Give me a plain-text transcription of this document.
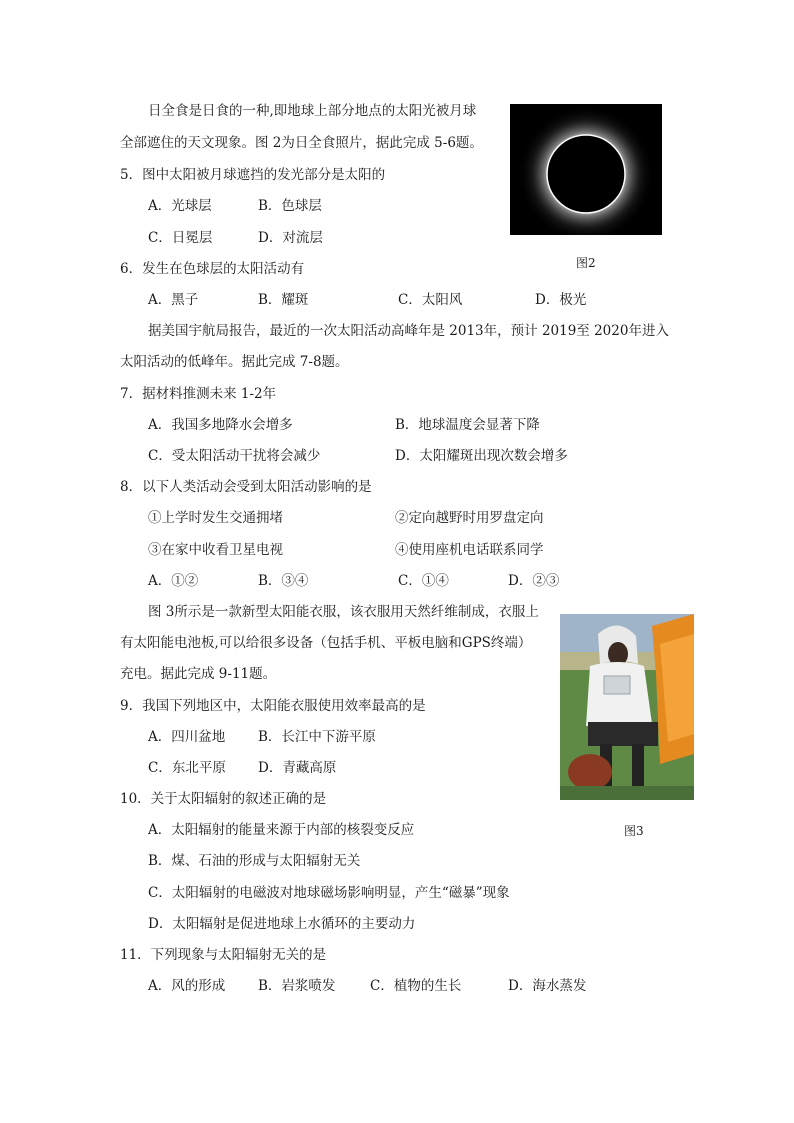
日全食是日食的一种,即地球上部分地点的太阳光被月球
全部遮住的天文现象。图 2为日全食照片，据此完成 5-6题。
5．图中太阳被月球遮挡的发光部分是太阳的
A．光球层	B．色球层
C．日冕层	D．对流层
图2
6．发生在色球层的太阳活动有
A．黑子	B．耀斑	C．太阳风	D．极光
据美国宇航局报告，最近的一次太阳活动高峰年是 2013年，预计 2019至 2020年进入
太阳活动的低峰年。据此完成 7-8题。
7．据材料推测未来 1-2年
A．我国多地降水会增多	B．地球温度会显著下降
C．受太阳活动干扰将会减少	D．太阳耀斑出现次数会增多
8．以下人类活动会受到太阳活动影响的是
①上学时发生交通拥堵	②定向越野时用罗盘定向
③在家中收看卫星电视	④使用座机电话联系同学
A．①②	B．③④	C．①④	D．②③
图 3所示是一款新型太阳能衣服，该衣服用天然纤维制成，衣服上
有太阳能电池板,可以给很多设备（包括手机、平板电脑和GPS终端）
充电。据此完成 9-11题。
9．我国下列地区中，太阳能衣服使用效率最高的是
A．四川盆地 B．长江中下游平原
C．东北平原 D．青藏高原
10．关于太阳辐射的叙述正确的是
A．太阳辐射的能量来源于内部的核裂变反应	图3
B．煤、石油的形成与太阳辐射无关
C．太阳辐射的电磁波对地球磁场影响明显，产生“磁暴”现象
D．太阳辐射是促进地球上水循环的主要动力
11．下列现象与太阳辐射无关的是
A．风的形成 B．岩浆喷发	C．植物的生长	D．海水蒸发
